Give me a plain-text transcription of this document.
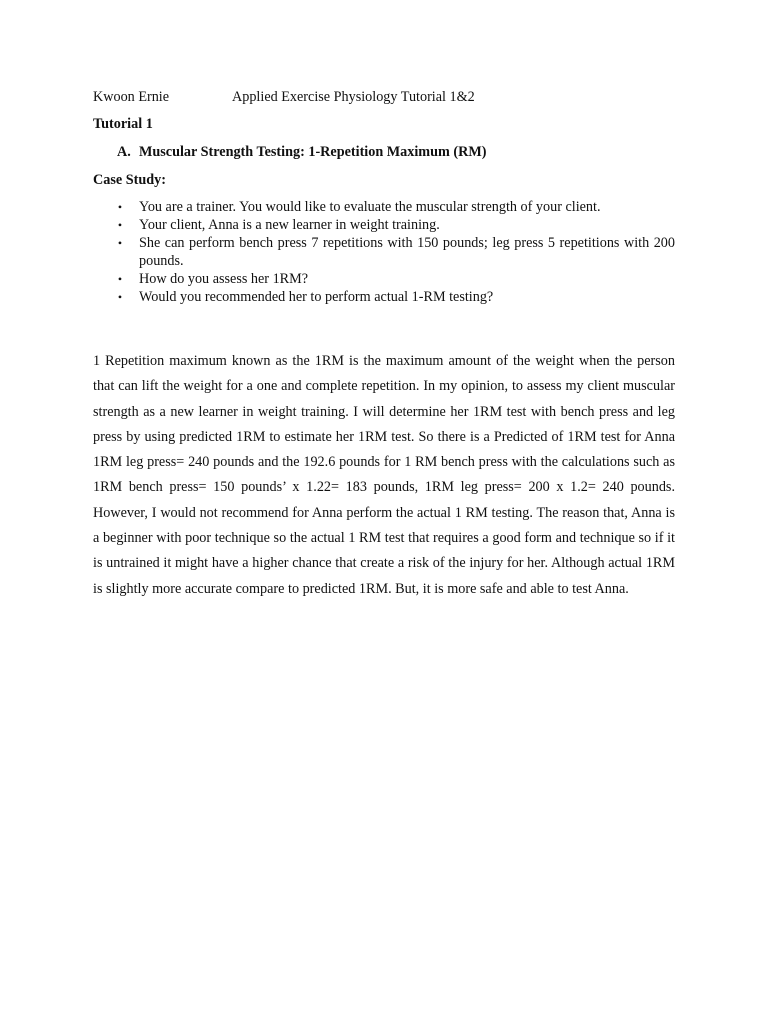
Kwoon Ernie	Applied Exercise Physiology Tutorial 1&2
Tutorial 1
A. Muscular Strength Testing: 1-Repetition Maximum (RM)
Case Study:
• You are a trainer. You would like to evaluate the muscular strength of your client.
• Your client, Anna is a new learner in weight training.
• She can perform bench press 7 repetitions with 150 pounds; leg press 5 repetitions with 200 pounds.
• How do you assess her 1RM?
• Would you recommended her to perform actual 1-RM testing?

1 Repetition maximum known as the 1RM is the maximum amount of the weight when the person that can lift the weight for a one and complete repetition. In my opinion, to assess my client muscular strength as a new learner in weight training. I will determine her 1RM test with bench press and leg press by using predicted 1RM to estimate her 1RM test. So there is a Predicted of 1RM test for Anna 1RM leg press= 240 pounds and the 192.6 pounds for 1 RM bench press with the calculations such as 1RM bench press= 150 pounds’ x 1.22= 183 pounds, 1RM leg press= 200 x 1.2= 240 pounds. However, I would not recommend for Anna perform the actual 1 RM testing. The reason that, Anna is a beginner with poor technique so the actual 1 RM test that requires a good form and technique so if it is untrained it might have a higher chance that create a risk of the injury for her. Although actual 1RM is slightly more accurate compare to predicted 1RM. But, it is more safe and able to test Anna.
